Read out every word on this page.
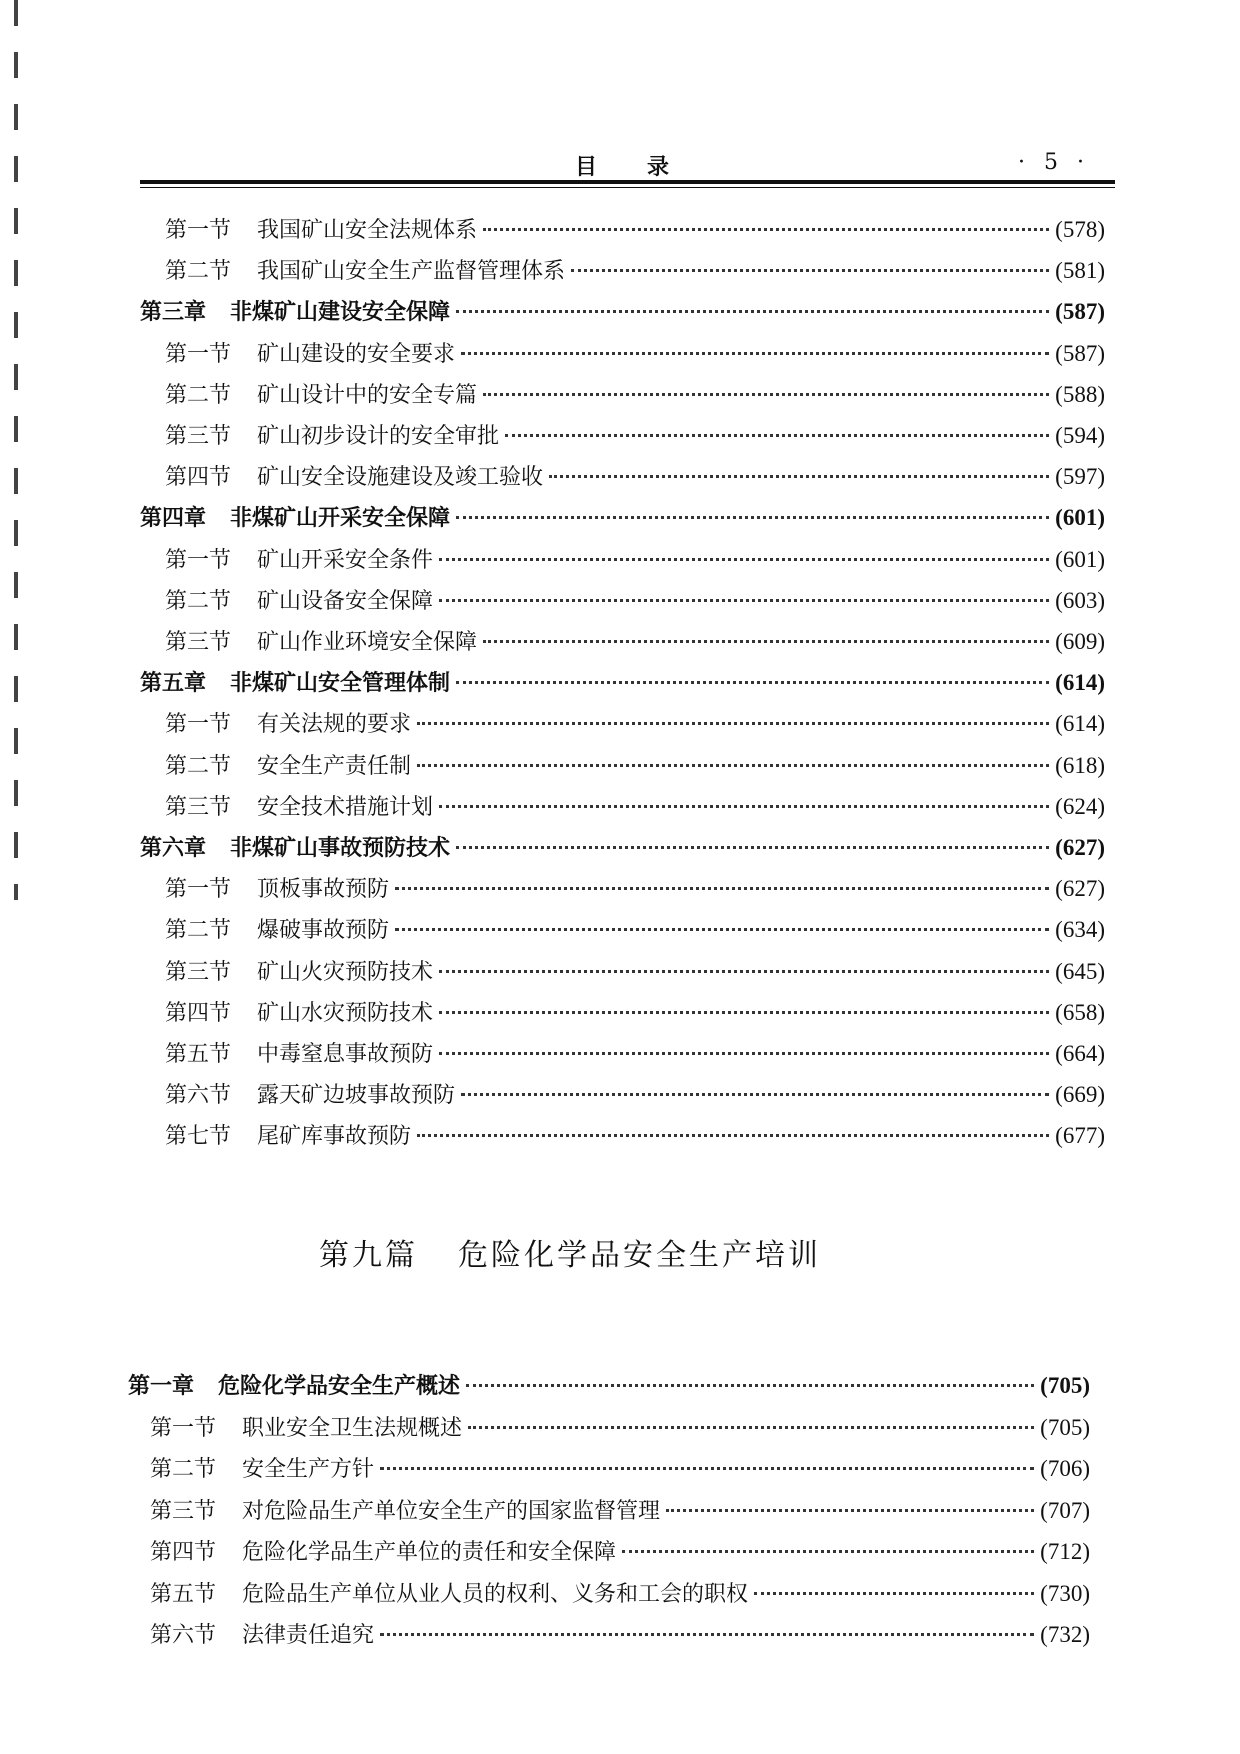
目录	· 5 ·
第一节 我国矿山安全法规体系	(578)
第二节 我国矿山安全生产监督管理体系	(581)
第三章 非煤矿山建设安全保障	(587)
第一节 矿山建设的安全要求	(587)
第二节 矿山设计中的安全专篇	(588)
第三节 矿山初步设计的安全审批	(594)
第四节 矿山安全设施建设及竣工验收	(597)
第四章 非煤矿山开采安全保障	(601)
第一节 矿山开采安全条件	(601)
第二节 矿山设备安全保障	(603)
第三节 矿山作业环境安全保障	(609)
第五章 非煤矿山安全管理体制	(614)
第一节 有关法规的要求	(614)
第二节 安全生产责任制	(618)
第三节 安全技术措施计划	(624)
第六章 非煤矿山事故预防技术	(627)
第一节 顶板事故预防	(627)
第二节 爆破事故预防	(634)
第三节 矿山火灾预防技术	(645)
第四节 矿山水灾预防技术	(658)
第五节 中毒窒息事故预防	(664)
第六节 露天矿边坡事故预防	(669)
第七节 尾矿库事故预防	(677)
第九篇 危险化学品安全生产培训
第一章 危险化学品安全生产概述	(705)
第一节 职业安全卫生法规概述	(705)
第二节 安全生产方针	(706)
第三节 对危险品生产单位安全生产的国家监督管理	(707)
第四节 危险化学品生产单位的责任和安全保障	(712)
第五节 危险品生产单位从业人员的权利、义务和工会的职权	(730)
第六节 法律责任追究	(732)
